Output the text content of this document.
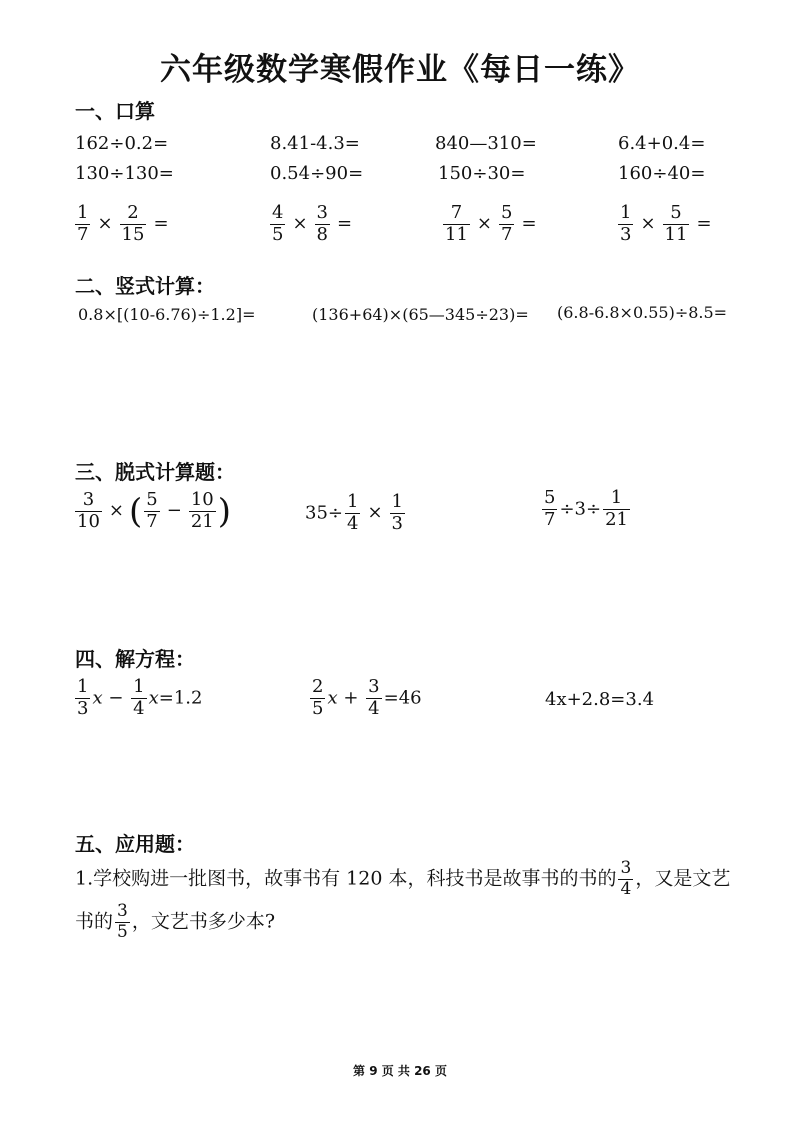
六年级数学寒假作业《每日一练》
一、口算
162÷0.2=	8.41-4.3=	840—310=	6.4+0.4=
130÷130=	0.54÷90=	150÷30=	160÷40=
$\frac{1}{7} \times \frac{2}{15}$ =	$\frac{4}{5} \times \frac{3}{8}$ =	$\frac{7}{11} \times \frac{5}{7}$ =	$\frac{1}{3} \times \frac{5}{11}$ =
二、竖式计算：
0.8×[(10-6.76)÷1.2]=	(136+64)×(65—345÷23)= (6.8-6.8×0.55)÷8.5=
三、脱式计算题：
$\frac{3}{10}$ × ( $\frac{5}{7} - \frac{10}{21}$ )	$35\div \frac{1}{4} \times \frac{1}{3}$	$\frac{5}{7} \div 3\div \frac{1}{21}$
四、解方程：
$\frac{1}{3}$ $x - \frac{1}{4} x=1.2$	$\frac{2}{5}$ $x + \frac{3}{4} =46$	4x+2.8=3.4
五、应用题：
1.学校购进一批图书，故事书有 120 本，科技书是故事书的书的 $\frac{3}{4}$ ，又是文艺
书的 $\frac{3}{5}$ ，文艺书多少本?
第 9 页 共 26 页
